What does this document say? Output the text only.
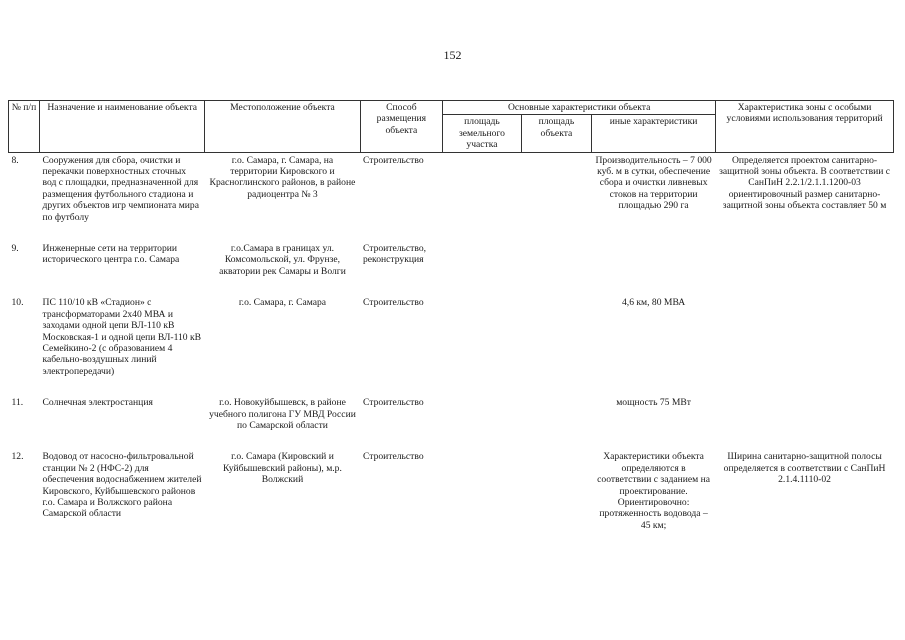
152
№ п/п	Назначение и наименование объекта	Местоположение объекта	Способ размещения объекта	Основные характеристики объекта			Характеристика зоны с особыми условиями использования территорий
				площадь земельного участка	площадь объекта	иные характеристики	
8.	Сооружения для сбора, очистки и перекачки поверхностных сточных вод с площадки, предназначенной для размещения футбольного стадиона и других объектов игр чемпионата мира по футболу	г.о. Самара, г. Самара, на территории Кировского и Красноглинского районов, в районе радиоцентра № 3	Строительство			Производительность – 7 000 куб. м в сутки, обеспечение сбора и очистки ливневых стоков на территории площадью 290 га	Определяется проектом санитарно-защитной зоны объекта. В соответствии с СанПиН 2.2.1/2.1.1.1200-03 ориентировочный размер санитарно-защитной зоны объекта составляет 50 м

9.	Инженерные сети на территории исторического центра г.о. Самара	г.о.Самара в границах ул. Комсомольской, ул. Фрунзе, акватории рек Самары и Волги	Строительство, реконструкция				

10.	ПС 110/10 кВ «Стадион» с трансформаторами 2х40 МВА и заходами одной цепи ВЛ-110 кВ Московская-1 и одной цепи ВЛ-110 кВ Семейкино-2 (с образованием 4 кабельно-воздушных линий электропередачи)	г.о. Самара, г. Самара	Строительство			4,6 км, 80 МВА	

11.	Солнечная электростанция	г.о. Новокуйбышевск, в районе учебного полигона ГУ МВД России по Самарской области	Строительство			мощность 75 МВт	

12.	Водовод от насосно-фильтровальной станции № 2 (НФС-2) для обеспечения водоснабжением жителей Кировского, Куйбышевского районов г.о. Самара и Волжского района Самарской области	г.о. Самара (Кировский и Куйбышевский районы), м.р. Волжский	Строительство			Характеристики объекта определяются в соответствии с заданием на проектирование. Ориентировочно: протяженность водовода – 45 км;	Ширина санитарно-защитной полосы определяется в соответствии с СанПиН 2.1.4.1110-02
